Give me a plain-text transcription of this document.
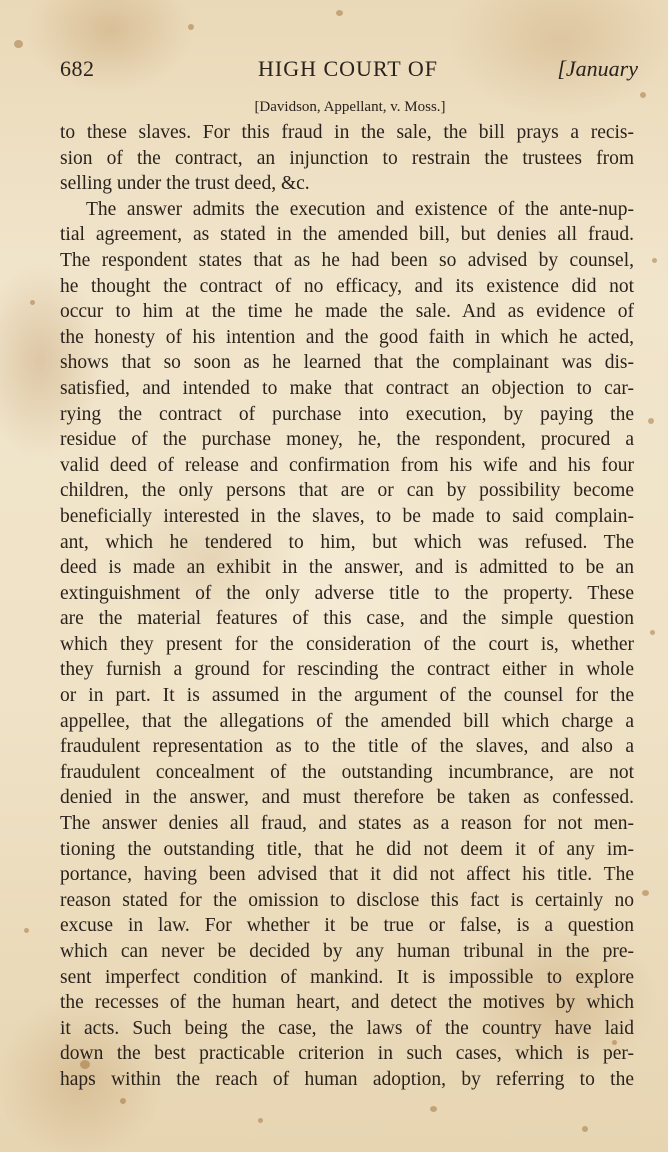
682	HIGH COURT OF	[January
[Davidson, Appellant, v. Moss.]
to these slaves. For this fraud in the sale, the bill prays a recis-
sion of the contract, an injunction to restrain the trustees from
selling under the trust deed, &c.
The answer admits the execution and existence of the ante-nup-
tial agreement, as stated in the amended bill, but denies all fraud.
The respondent states that as he had been so advised by counsel,
he thought the contract of no efficacy, and its existence did not
occur to him at the time he made the sale. And as evidence of
the honesty of his intention and the good faith in which he acted,
shows that so soon as he learned that the complainant was dis-
satisfied, and intended to make that contract an objection to car-
rying the contract of purchase into execution, by paying the
residue of the purchase money, he, the respondent, procured a
valid deed of release and confirmation from his wife and his four
children, the only persons that are or can by possibility become
beneficially interested in the slaves, to be made to said complain-
ant, which he tendered to him, but which was refused. The
deed is made an exhibit in the answer, and is admitted to be an
extinguishment of the only adverse title to the property. These
are the material features of this case, and the simple question
which they present for the consideration of the court is, whether
they furnish a ground for rescinding the contract either in whole
or in part. It is assumed in the argument of the counsel for the
appellee, that the allegations of the amended bill which charge a
fraudulent representation as to the title of the slaves, and also a
fraudulent concealment of the outstanding incumbrance, are not
denied in the answer, and must therefore be taken as confessed.
The answer denies all fraud, and states as a reason for not men-
tioning the outstanding title, that he did not deem it of any im-
portance, having been advised that it did not affect his title. The
reason stated for the omission to disclose this fact is certainly no
excuse in law. For whether it be true or false, is a question
which can never be decided by any human tribunal in the pre-
sent imperfect condition of mankind. It is impossible to explore
the recesses of the human heart, and detect the motives by which
it acts. Such being the case, the laws of the country have laid
down the best practicable criterion in such cases, which is per-
haps within the reach of human adoption, by referring to the
